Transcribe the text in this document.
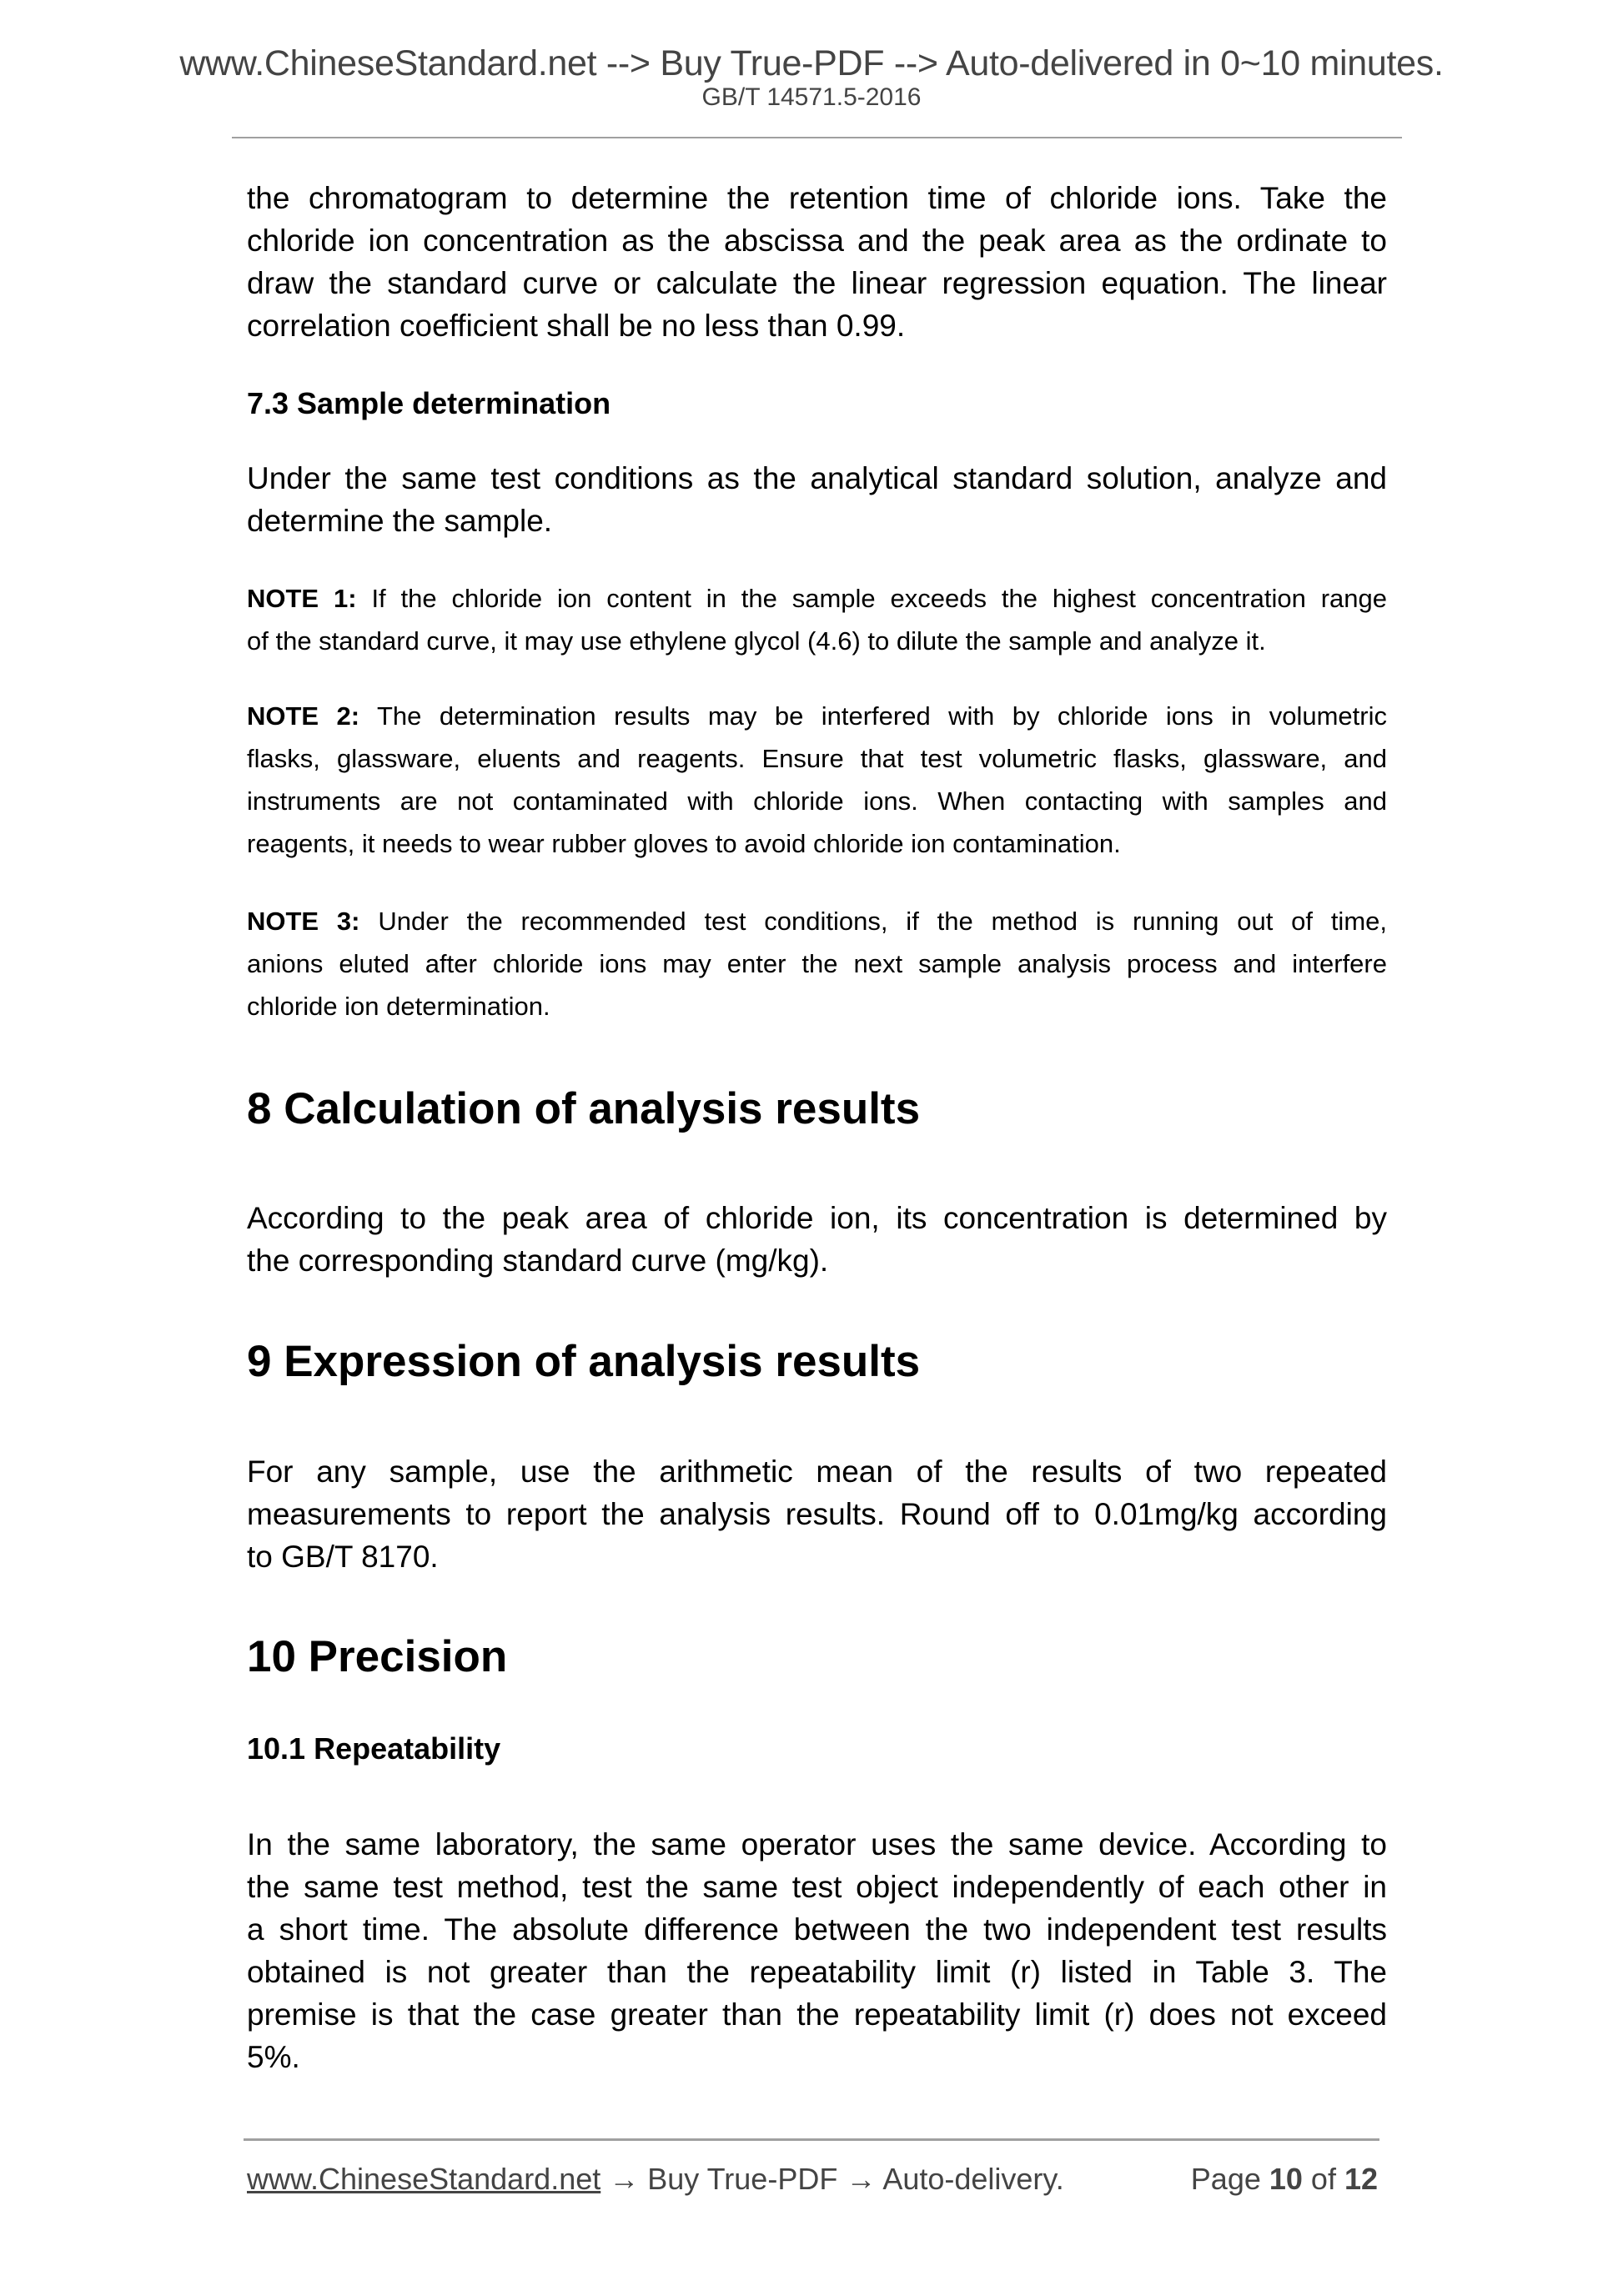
www.ChineseStandard.net --> Buy True-PDF --> Auto-delivered in 0~10 minutes.
GB/T 14571.5-2016
the chromatogram to determine the retention time of chloride ions. Take the
chloride ion concentration as the abscissa and the peak area as the ordinate to
draw the standard curve or calculate the linear regression equation. The linear
correlation coefficient shall be no less than 0.99.
7.3 Sample determination
Under the same test conditions as the analytical standard solution, analyze and
determine the sample.
NOTE 1: If the chloride ion content in the sample exceeds the highest concentration range
of the standard curve, it may use ethylene glycol (4.6) to dilute the sample and analyze it.
NOTE 2: The determination results may be interfered with by chloride ions in volumetric
flasks, glassware, eluents and reagents. Ensure that test volumetric flasks, glassware, and
instruments are not contaminated with chloride ions. When contacting with samples and
reagents, it needs to wear rubber gloves to avoid chloride ion contamination.
NOTE 3: Under the recommended test conditions, if the method is running out of time,
anions eluted after chloride ions may enter the next sample analysis process and interfere
chloride ion determination.
8 Calculation of analysis results
According to the peak area of chloride ion, its concentration is determined by
the corresponding standard curve (mg/kg).
9 Expression of analysis results
For any sample, use the arithmetic mean of the results of two repeated
measurements to report the analysis results. Round off to 0.01mg/kg according
to GB/T 8170.
10 Precision
10.1 Repeatability
In the same laboratory, the same operator uses the same device. According to
the same test method, test the same test object independently of each other in
a short time. The absolute difference between the two independent test results
obtained is not greater than the repeatability limit (r) listed in Table 3. The
premise is that the case greater than the repeatability limit (r) does not exceed
5%.
www.ChineseStandard.net → Buy True-PDF → Auto-delivery.	Page 10 of 12
